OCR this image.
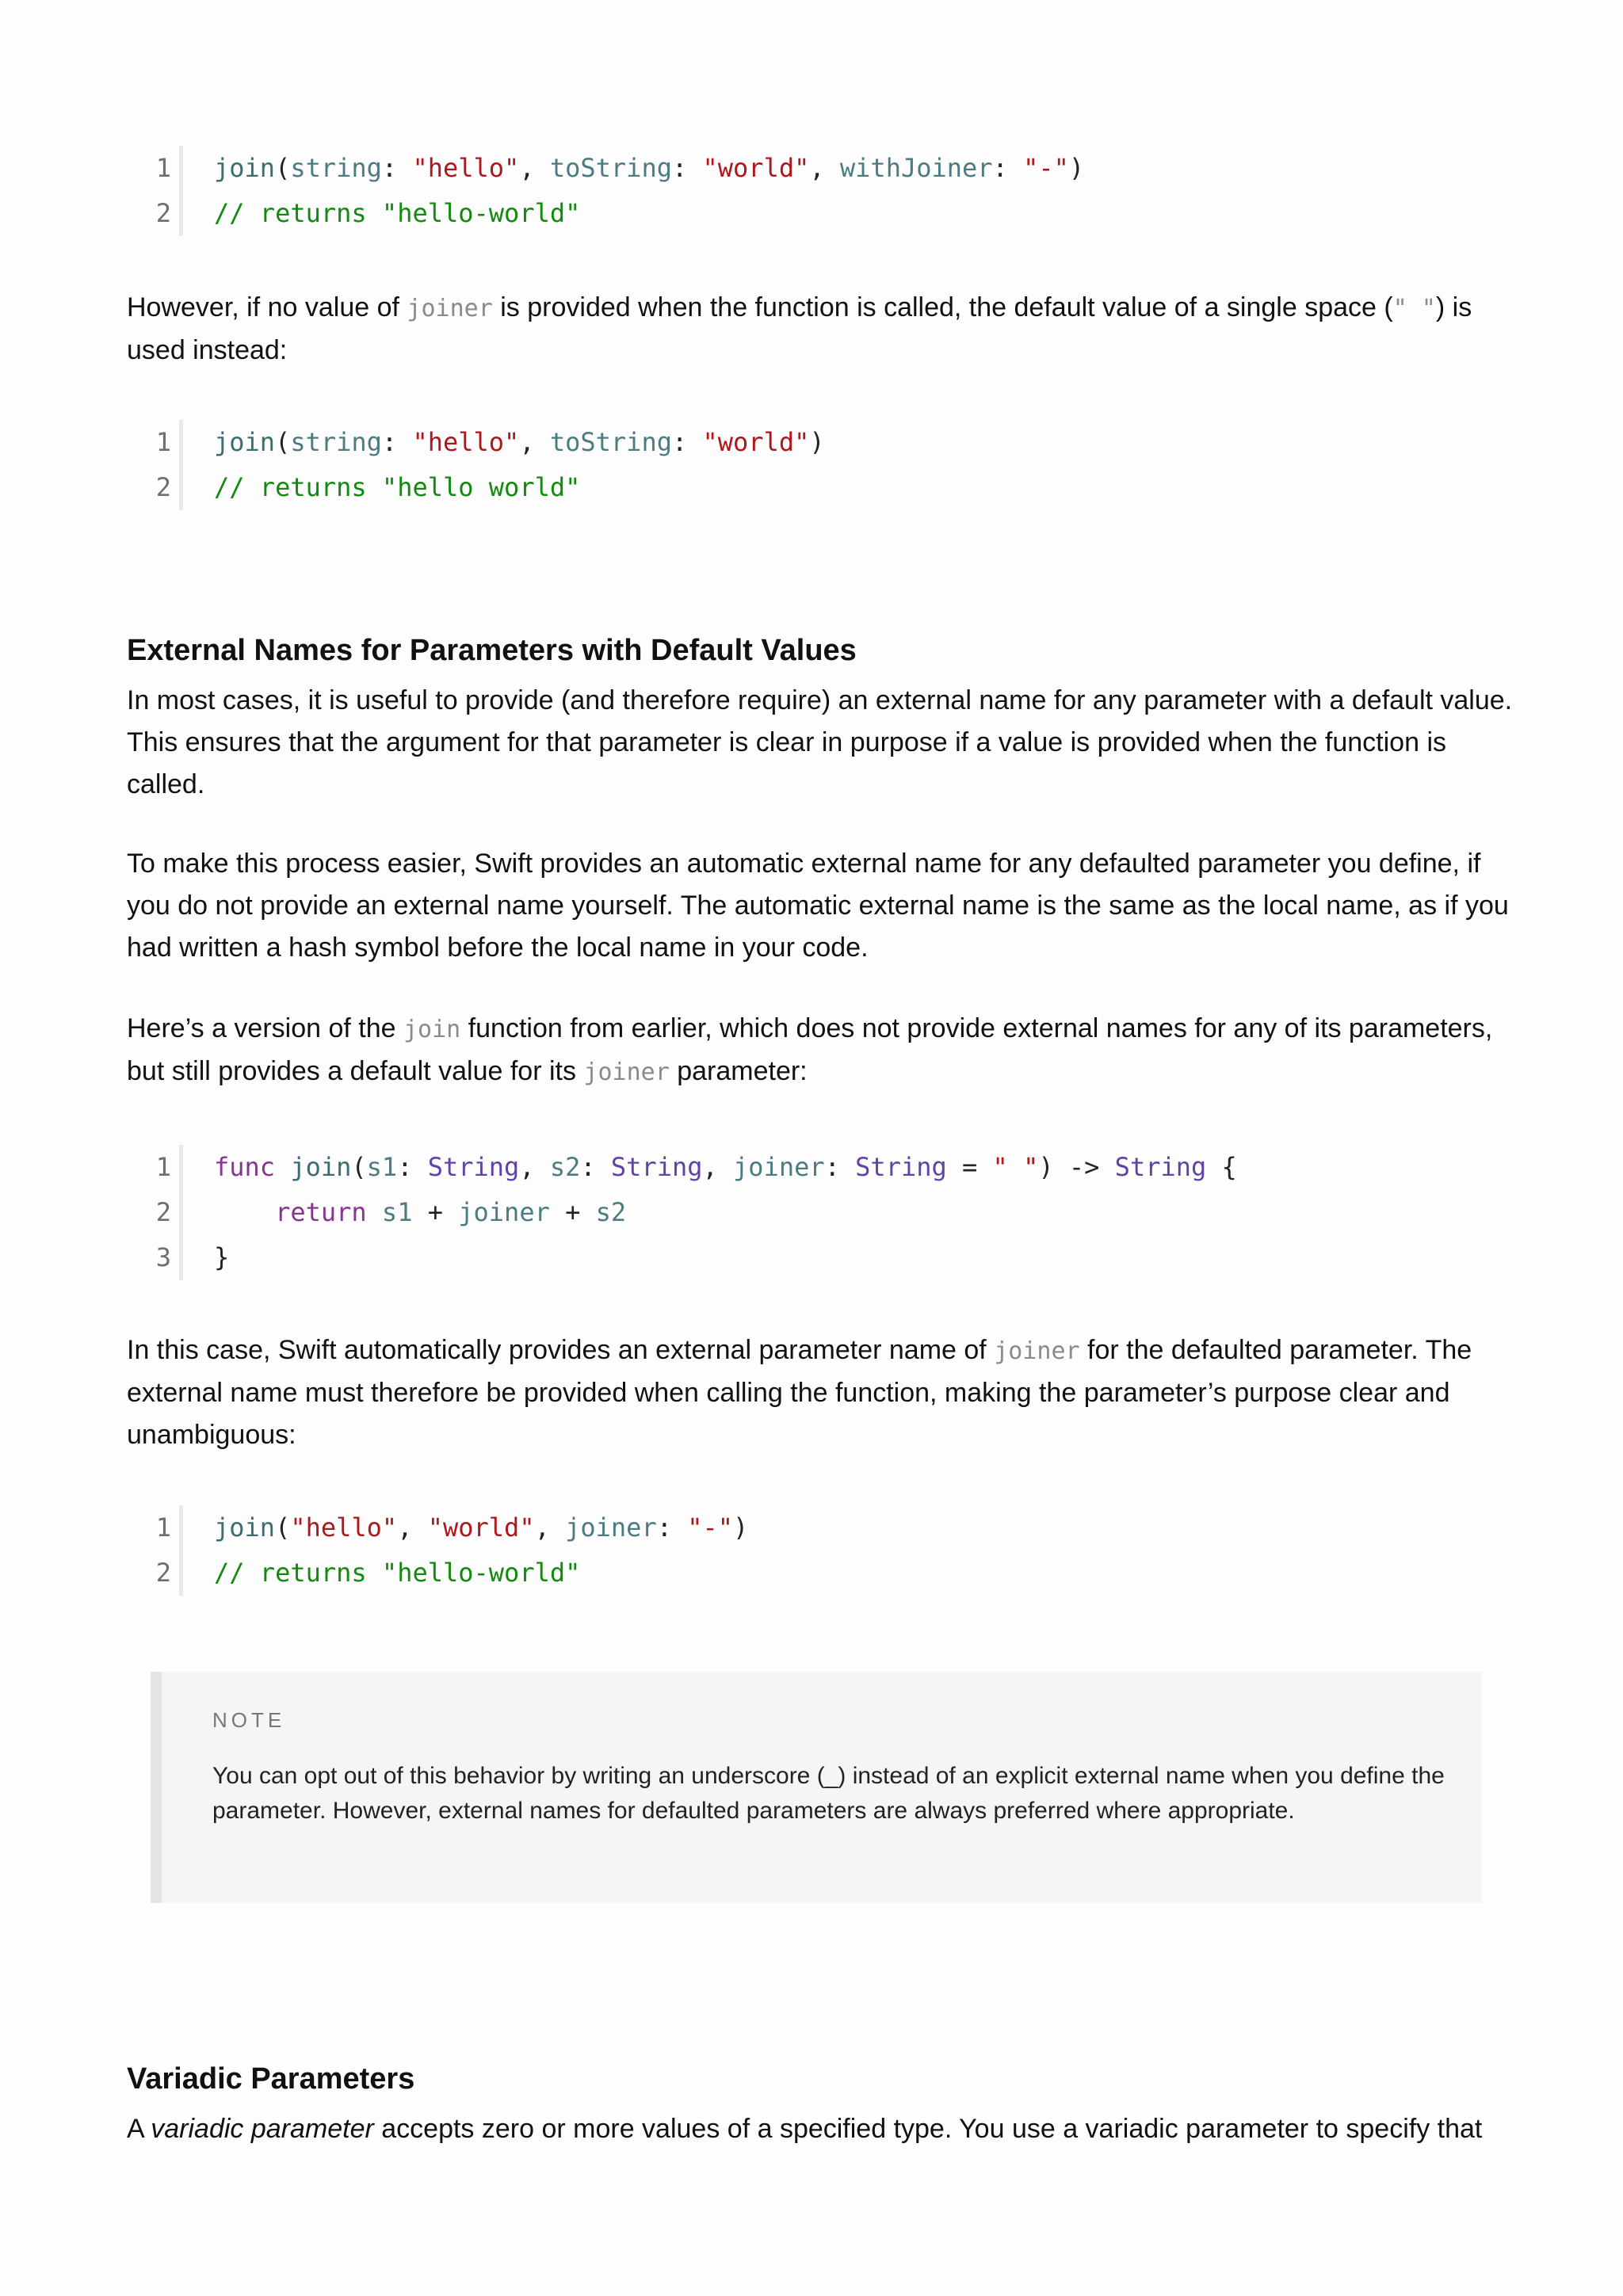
1 join(string: "hello", toString: "world", withJoiner: "-")
2 // returns "hello-world"

However, if no value of joiner is provided when the function is called, the default value of a single space (" ") is used instead:

1 join(string: "hello", toString: "world")
2 // returns "hello world"
External Names for Parameters with Default Values

In most cases, it is useful to provide (and therefore require) an external name for any parameter with a default value. This ensures that the argument for that parameter is clear in purpose if a value is provided when the function is called.

To make this process easier, Swift provides an automatic external name for any defaulted parameter you define, if you do not provide an external name yourself. The automatic external name is the same as the local name, as if you had written a hash symbol before the local name in your code.

Here’s a version of the join function from earlier, which does not provide external names for any of its parameters, but still provides a default value for its joiner parameter:

1 func join(s1: String, s2: String, joiner: String = " ") -> String {
2	return s1 + joiner + s2
3 }

In this case, Swift automatically provides an external parameter name of joiner for the defaulted parameter. The external name must therefore be provided when calling the function, making the parameter’s purpose clear and unambiguous:

1 join("hello", "world", joiner: "-")
2 // returns "hello-world"
NOTE

You can opt out of this behavior by writing an underscore (_) instead of an explicit external name when you define the parameter. However, external names for defaulted parameters are always preferred where appropriate.

Variadic Parameters

A variadic parameter accepts zero or more values of a specified type. You use a variadic parameter to specify that
